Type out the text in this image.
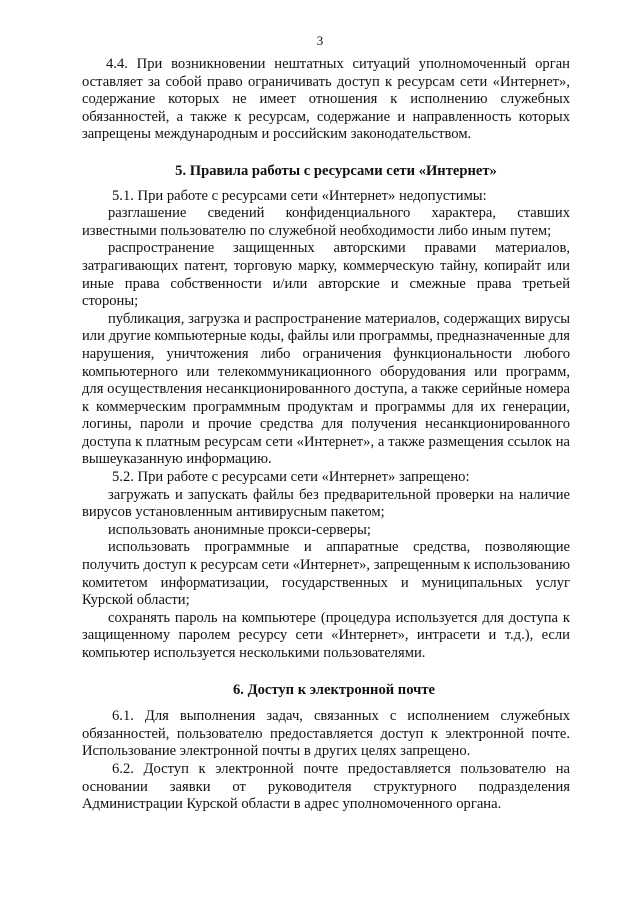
3

4.4. При возникновении нештатных ситуаций уполномоченный орган оставляет за собой право ограничивать доступ к ресурсам сети «Интернет», содержание которых не имеет отношения к исполнению служебных обязанностей, а также к ресурсам, содержание и направленность которых запрещены международным и российским законодательством.

5. Правила работы с ресурсами сети «Интернет»

5.1. При работе с ресурсами сети «Интернет» недопустимы:

разглашение сведений конфиденциального характера, ставших известными пользователю по служебной необходимости либо иным путем;

распространение защищенных авторскими правами материалов, затрагивающих патент, торговую марку, коммерческую тайну, копирайт или иные права собственности и/или авторские и смежные права третьей стороны;

публикация, загрузка и распространение материалов, содержащих вирусы или другие компьютерные коды, файлы или программы, предназначенные для нарушения, уничтожения либо ограничения функциональности любого компьютерного или телекоммуникационного оборудования или программ, для осуществления несанкционированного доступа, а также серийные номера к коммерческим программным продуктам и программы для их генерации, логины, пароли и прочие средства для получения несанкционированного доступа к платным ресурсам сети «Интернет», а также размещения ссылок на вышеуказанную информацию.

5.2. При работе с ресурсами сети «Интернет» запрещено:

загружать и запускать файлы без предварительной проверки на наличие вирусов установленным антивирусным пакетом;

использовать анонимные прокси-серверы;

использовать программные и аппаратные средства, позволяющие получить доступ к ресурсам сети «Интернет», запрещенным к использованию комитетом информатизации, государственных и муниципальных услуг Курской области;

сохранять пароль на компьютере (процедура используется для доступа к защищенному паролем ресурсу сети «Интернет», интрасети и т.д.), если компьютер используется несколькими пользователями.

6. Доступ к электронной почте

6.1. Для выполнения задач, связанных с исполнением служебных обязанностей, пользователю предоставляется доступ к электронной почте. Использование электронной почты в других целях запрещено.

6.2. Доступ к электронной почте предоставляется пользователю на основании заявки от руководителя структурного подразделения Администрации Курской области в адрес уполномоченного органа.
